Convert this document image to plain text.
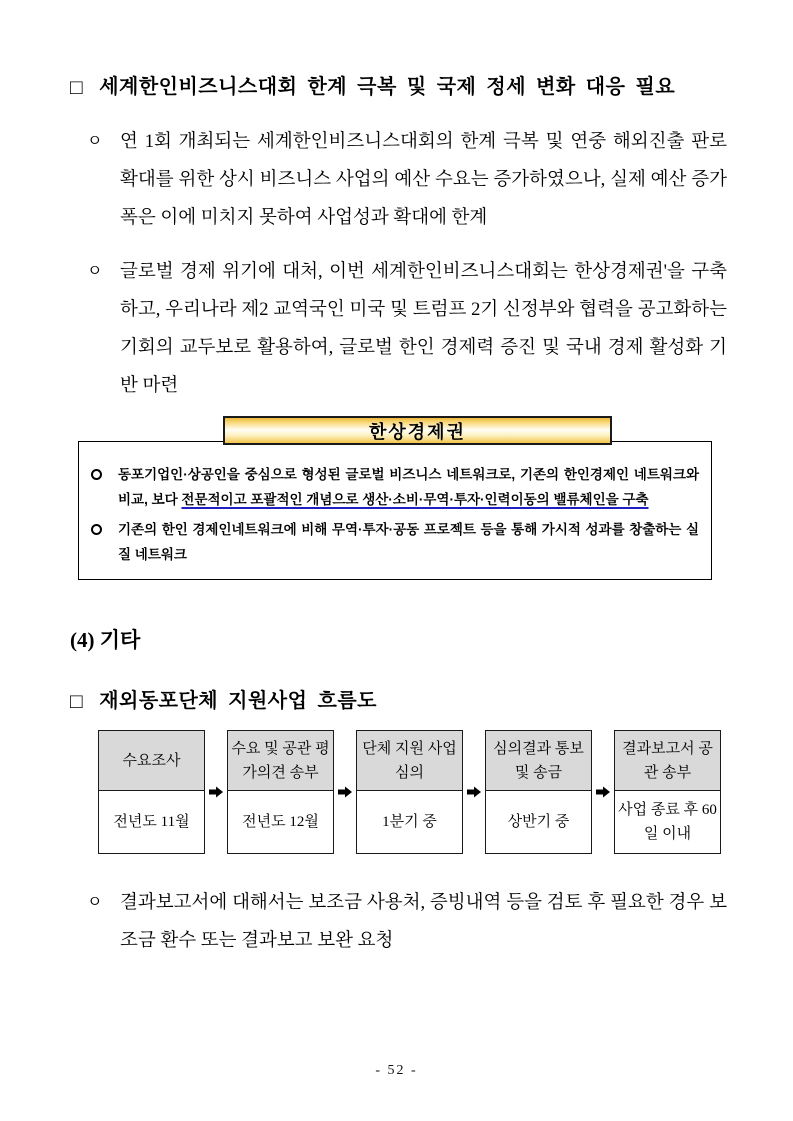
□ 세계한인비즈니스대회 한계 극복 및 국제 정세 변화 대응 필요
ㅇ 연 1회 개최되는 세계한인비즈니스대회의 한계 극복 및 연중 해외진출 판로 확대를 위한 상시 비즈니스 사업의 예산 수요는 증가하였으나, 실제 예산 증가 폭은 이에 미치지 못하여 사업성과 확대에 한계
ㅇ 글로벌 경제 위기에 대처, 이번 세계한인비즈니스대회는 한상경제권'을 구축하고, 우리나라 제2 교역국인 미국 및 트럼프 2기 신정부와 협력을 공고화하는 기회의 교두보로 활용하여, 글로벌 한인 경제력 증진 및 국내 경제 활성화 기반 마련
한상경제권
동포기업인·상공인을 중심으로 형성된 글로벌 비즈니스 네트워크로, 기존의 한인경제인 네트워크와 비교, 보다 전문적이고 포괄적인 개념으로 생산·소비·무역·투자·인력이동의 밸류체인을 구축
기존의 한인 경제인네트워크에 비해 무역·투자·공동 프로젝트 등을 통해 가시적 성과를 창출하는 실질 네트워크
(4) 기타
□ 재외동포단체 지원사업 흐름도
수요조사
전년도 11월
수요 및 공관 평가의견 송부
전년도 12월
단체 지원 사업 심의
1분기 중
심의결과 통보 및 송금
상반기 중
결과보고서 공관 송부
사업 종료 후 60일 이내
ㅇ 결과보고서에 대해서는 보조금 사용처, 증빙내역 등을 검토 후 필요한 경우 보조금 환수 또는 결과보고 보완 요청
- 52 -
